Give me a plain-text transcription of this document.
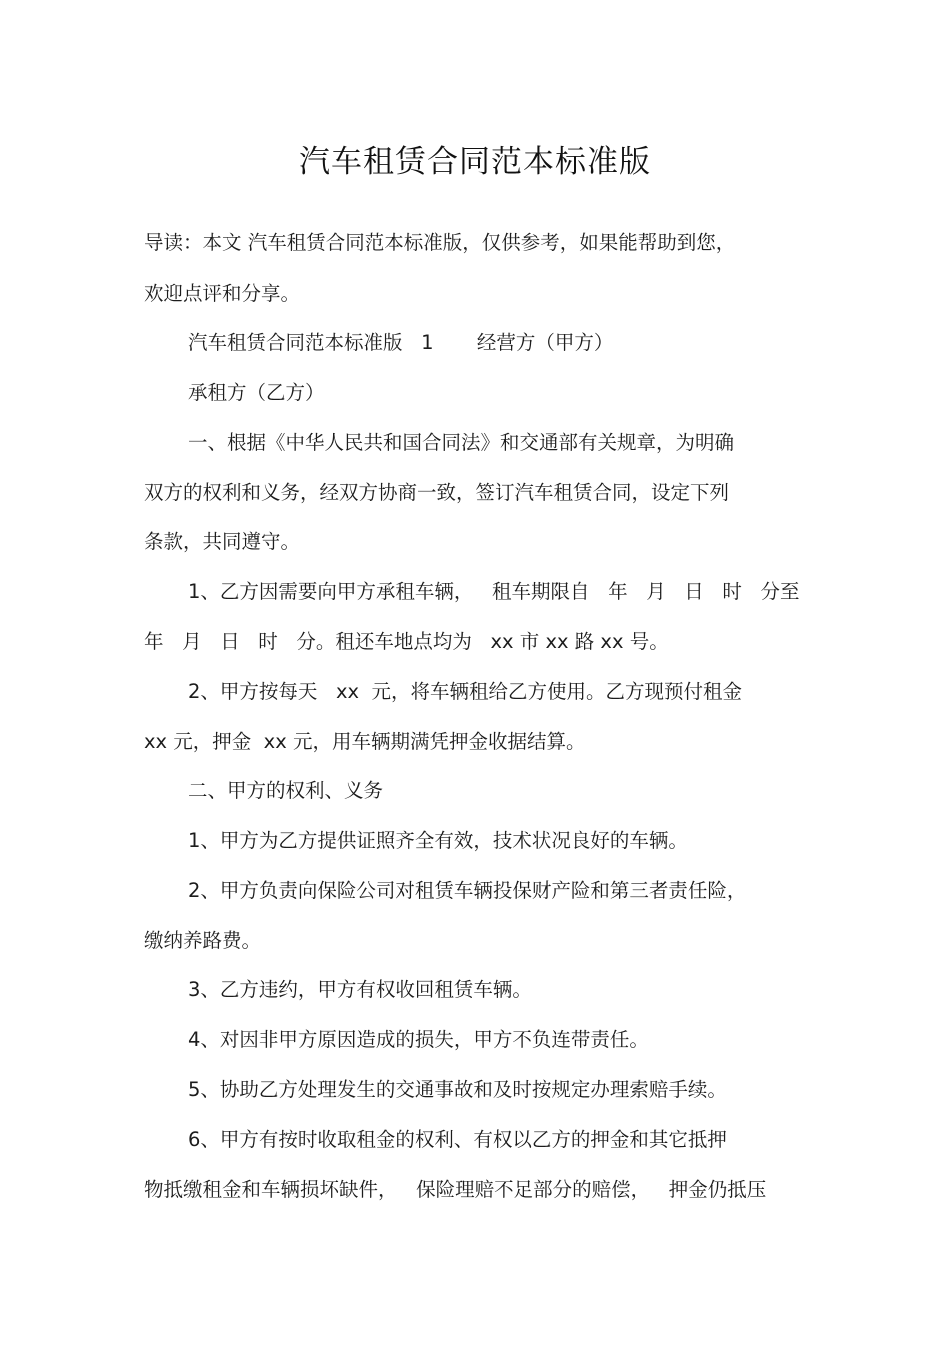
汽车租赁合同范本标准版
导读：本文 汽车租赁合同范本标准版，仅供参考，如果能帮助到您，
欢迎点评和分享。
汽车租赁合同范本标准版   1       经营方（甲方）
承租方（乙方）
一、根据《中华人民共和国合同法》和交通部有关规章，为明确
双方的权利和义务，经双方协商一致，签订汽车租赁合同，设定下列
条款，共同遵守。
1、乙方因需要向甲方承租车辆，   租车期限自   年   月   日   时   分至
年   月   日   时   分。租还车地点均为   xx 市 xx 路 xx 号。
2、甲方按每天   xx  元，将车辆租给乙方使用。乙方现预付租金
xx 元，押金  xx 元，用车辆期满凭押金收据结算。
二、甲方的权利、义务
1、甲方为乙方提供证照齐全有效，技术状况良好的车辆。
2、甲方负责向保险公司对租赁车辆投保财产险和第三者责任险，
缴纳养路费。
3、乙方违约，甲方有权收回租赁车辆。
4、对因非甲方原因造成的损失，甲方不负连带责任。
5、协助乙方处理发生的交通事故和及时按规定办理索赔手续。
6、甲方有按时收取租金的权利、有权以乙方的押金和其它抵押
物抵缴租金和车辆损坏缺件，   保险理赔不足部分的赔偿，   押金仍抵压
